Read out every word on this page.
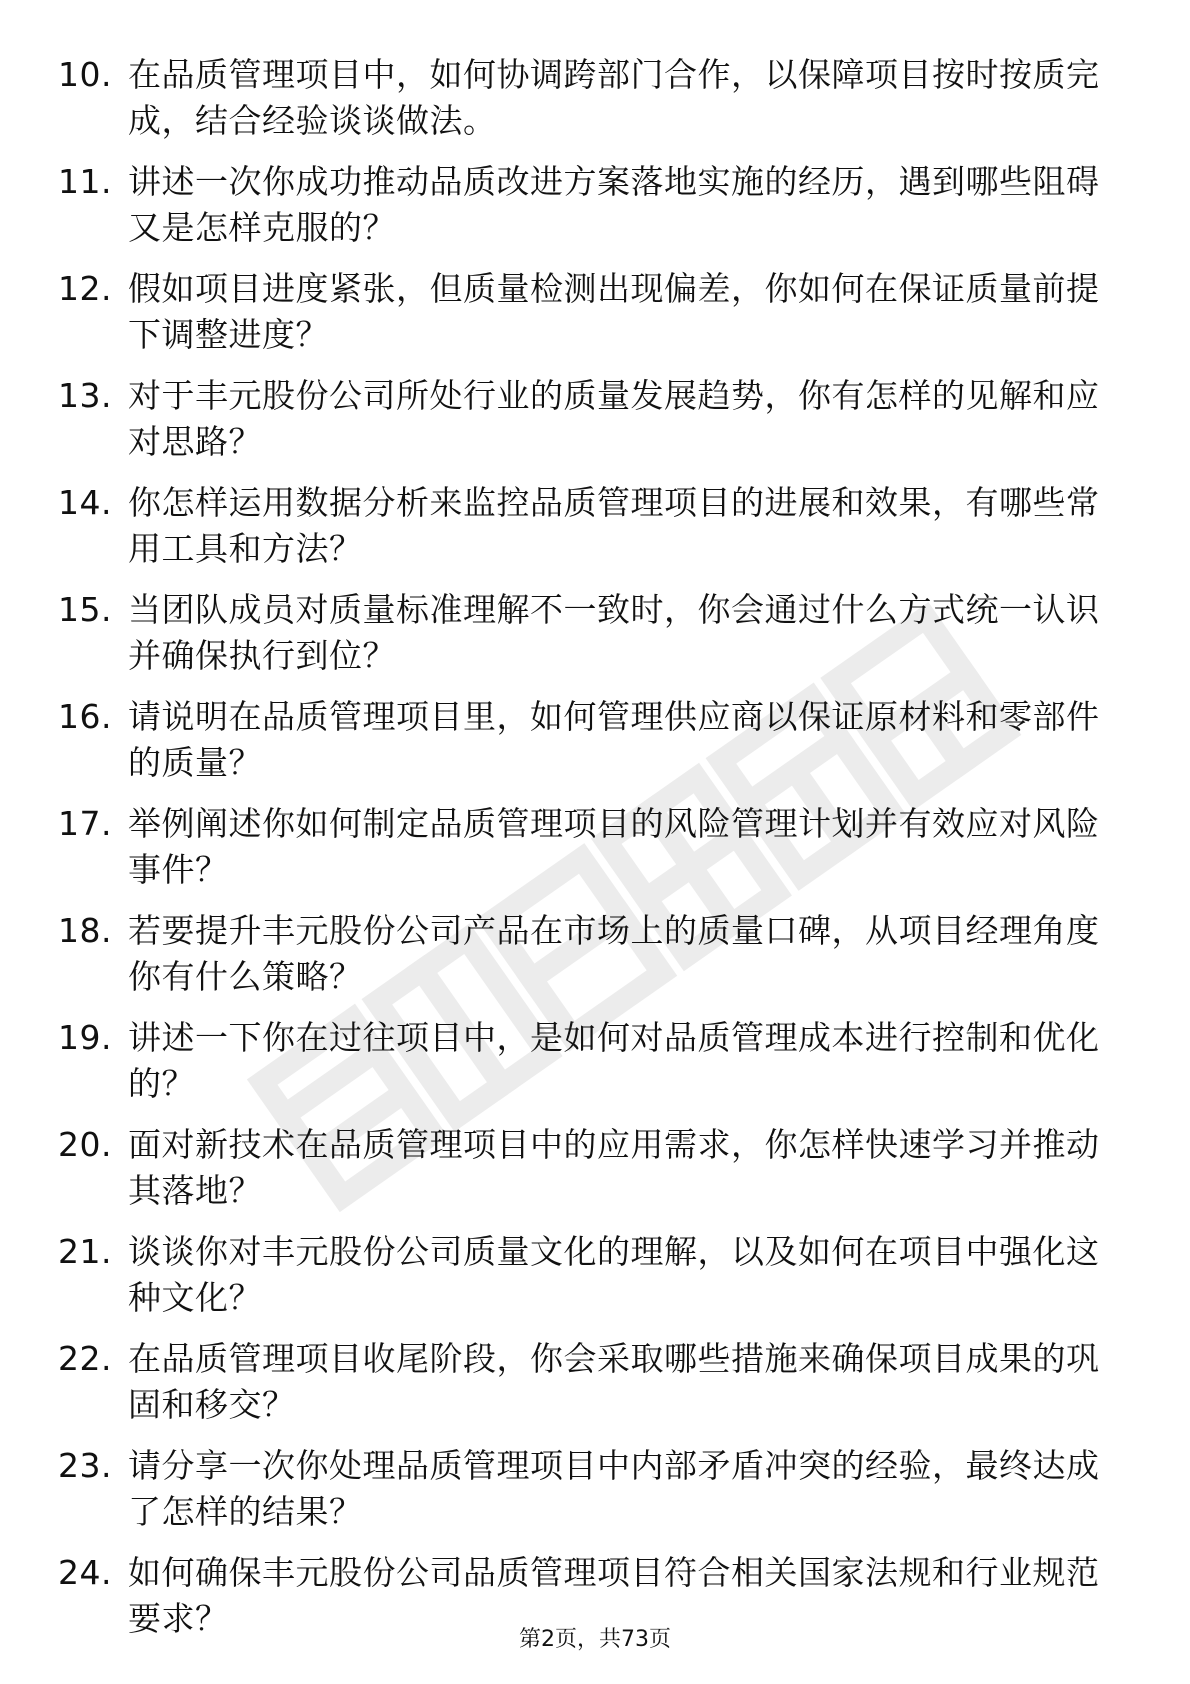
10. 在品质管理项目中，如何协调跨部门合作，以保障项目按时按质完成，结合经验谈谈做法。
11. 讲述一次你成功推动品质改进方案落地实施的经历，遇到哪些阻碍又是怎样克服的？
12. 假如项目进度紧张，但质量检测出现偏差，你如何在保证质量前提下调整进度？
13. 对于丰元股份公司所处行业的质量发展趋势，你有怎样的见解和应对思路？
14. 你怎样运用数据分析来监控品质管理项目的进展和效果，有哪些常用工具和方法？
15. 当团队成员对质量标准理解不一致时，你会通过什么方式统一认识并确保执行到位？
16. 请说明在品质管理项目里，如何管理供应商以保证原材料和零部件的质量？
17. 举例阐述你如何制定品质管理项目的风险管理计划并有效应对风险事件？
18. 若要提升丰元股份公司产品在市场上的质量口碑，从项目经理角度你有什么策略？
19. 讲述一下你在过往项目中，是如何对品质管理成本进行控制和优化的？
20. 面对新技术在品质管理项目中的应用需求，你怎样快速学习并推动其落地？
21. 谈谈你对丰元股份公司质量文化的理解，以及如何在项目中强化这种文化？
22. 在品质管理项目收尾阶段，你会采取哪些措施来确保项目成果的巩固和移交？
23. 请分享一次你处理品质管理项目中内部矛盾冲突的经验，最终达成了怎样的结果？
24. 如何确保丰元股份公司品质管理项目符合相关国家法规和行业规范要求？
第2页，共73页
